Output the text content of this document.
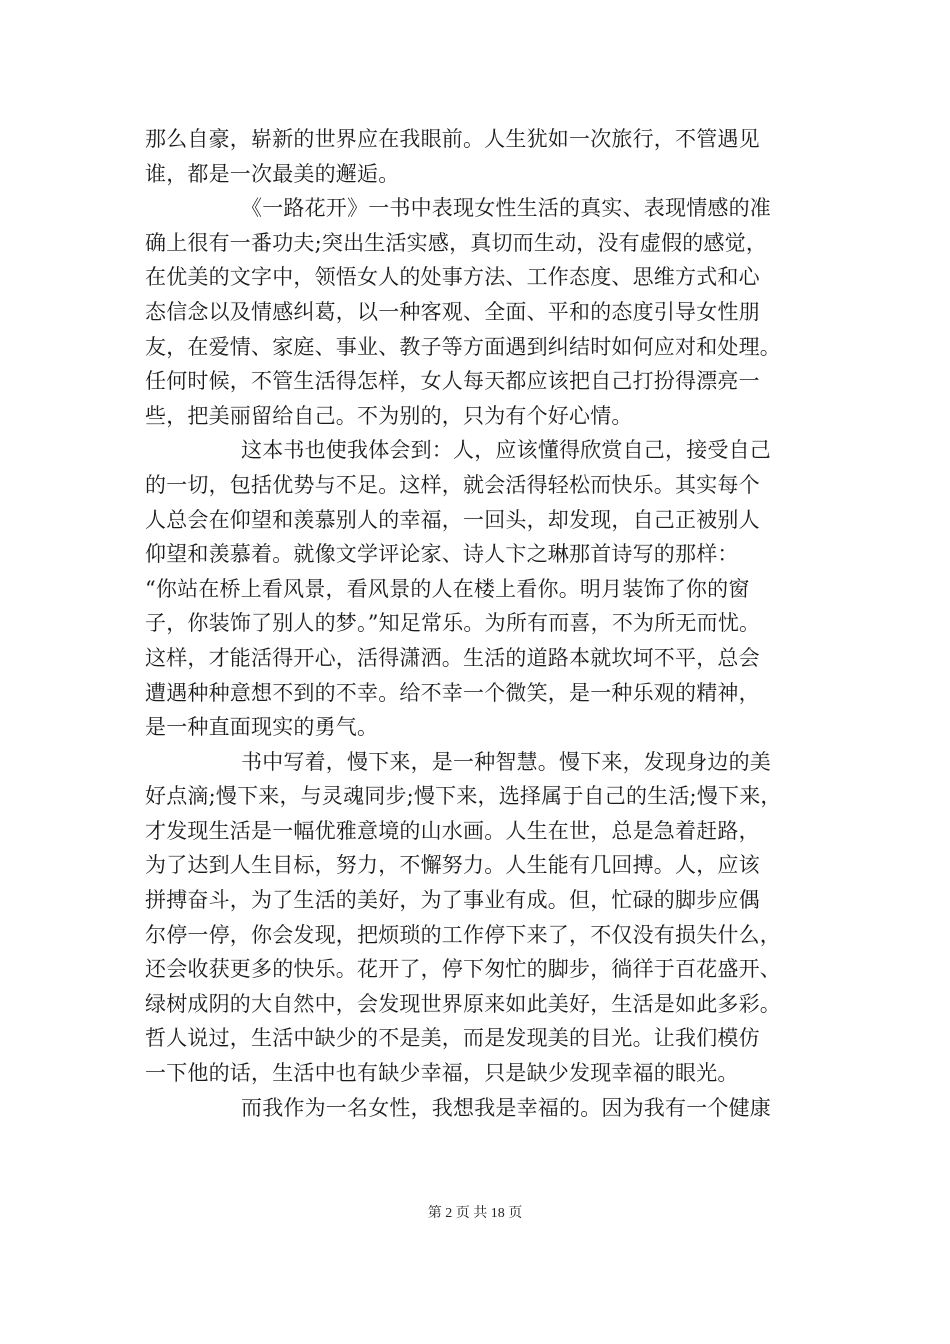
那么自豪，崭新的世界应在我眼前。人生犹如一次旅行，不管遇见
谁，都是一次最美的邂逅。
《一路花开》一书中表现女性生活的真实、表现情感的准
确上很有一番功夫;突出生活实感，真切而生动，没有虚假的感觉，
在优美的文字中，领悟女人的处事方法、工作态度、思维方式和心
态信念以及情感纠葛，以一种客观、全面、平和的态度引导女性朋
友，在爱情、家庭、事业、教子等方面遇到纠结时如何应对和处理。
任何时候，不管生活得怎样，女人每天都应该把自己打扮得漂亮一
些，把美丽留给自己。不为别的，只为有个好心情。
这本书也使我体会到：人，应该懂得欣赏自己，接受自己
的一切，包括优势与不足。这样，就会活得轻松而快乐。其实每个
人总会在仰望和羡慕别人的幸福，一回头，却发现，自己正被别人
仰望和羡慕着。就像文学评论家、诗人卞之琳那首诗写的那样：
“你站在桥上看风景，看风景的人在楼上看你。明月装饰了你的窗
子，你装饰了别人的梦。”知足常乐。为所有而喜，不为所无而忧。
这样，才能活得开心，活得潇洒。生活的道路本就坎坷不平，总会
遭遇种种意想不到的不幸。给不幸一个微笑，是一种乐观的精神，
是一种直面现实的勇气。
书中写着，慢下来，是一种智慧。慢下来，发现身边的美
好点滴;慢下来，与灵魂同步;慢下来，选择属于自己的生活;慢下来，
才发现生活是一幅优雅意境的山水画。人生在世，总是急着赶路，
为了达到人生目标，努力，不懈努力。人生能有几回搏。人，应该
拼搏奋斗，为了生活的美好，为了事业有成。但，忙碌的脚步应偶
尔停一停，你会发现，把烦琐的工作停下来了，不仅没有损失什么，
还会收获更多的快乐。花开了，停下匆忙的脚步，徜徉于百花盛开、
绿树成阴的大自然中，会发现世界原来如此美好，生活是如此多彩。
哲人说过，生活中缺少的不是美，而是发现美的目光。让我们模仿
一下他的话，生活中也有缺少幸福，只是缺少发现幸福的眼光。
而我作为一名女性，我想我是幸福的。因为我有一个健康
第 2 页 共 18 页
